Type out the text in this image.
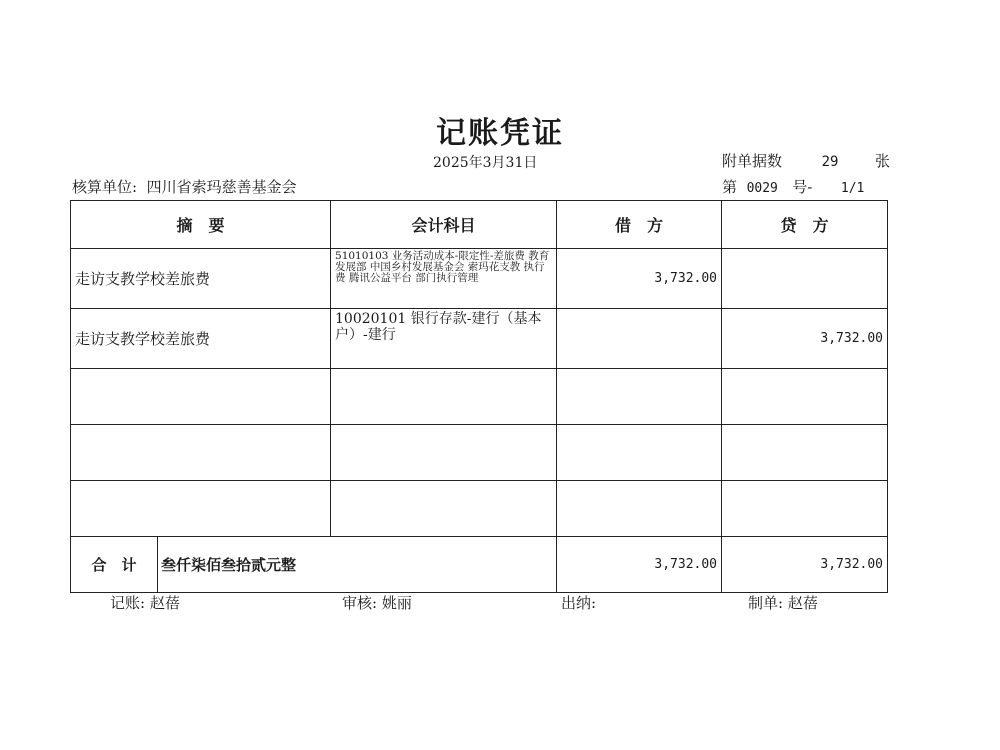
记账凭证
2025年3月31日	附单据数	29 张
核算单位: 四川省索玛慈善基金会	第 0029 号- 1/1
摘　要		会计科目	借　方	贷　方
走访支教学校差旅费		51010103 业务活动成本-限定性-差旅费 教育发展部 中国乡村发展基金会 索玛花支教 执行费 腾讯公益平台 部门执行管理	3,732.00	
走访支教学校差旅费		10020101 银行存款-建行（基本户）-建行		3,732.00

合　计	叁仟柒佰叁拾贰元整		3,732.00	3,732.00
记账: 赵蓓	审核: 姚丽	出纳:	制单: 赵蓓
